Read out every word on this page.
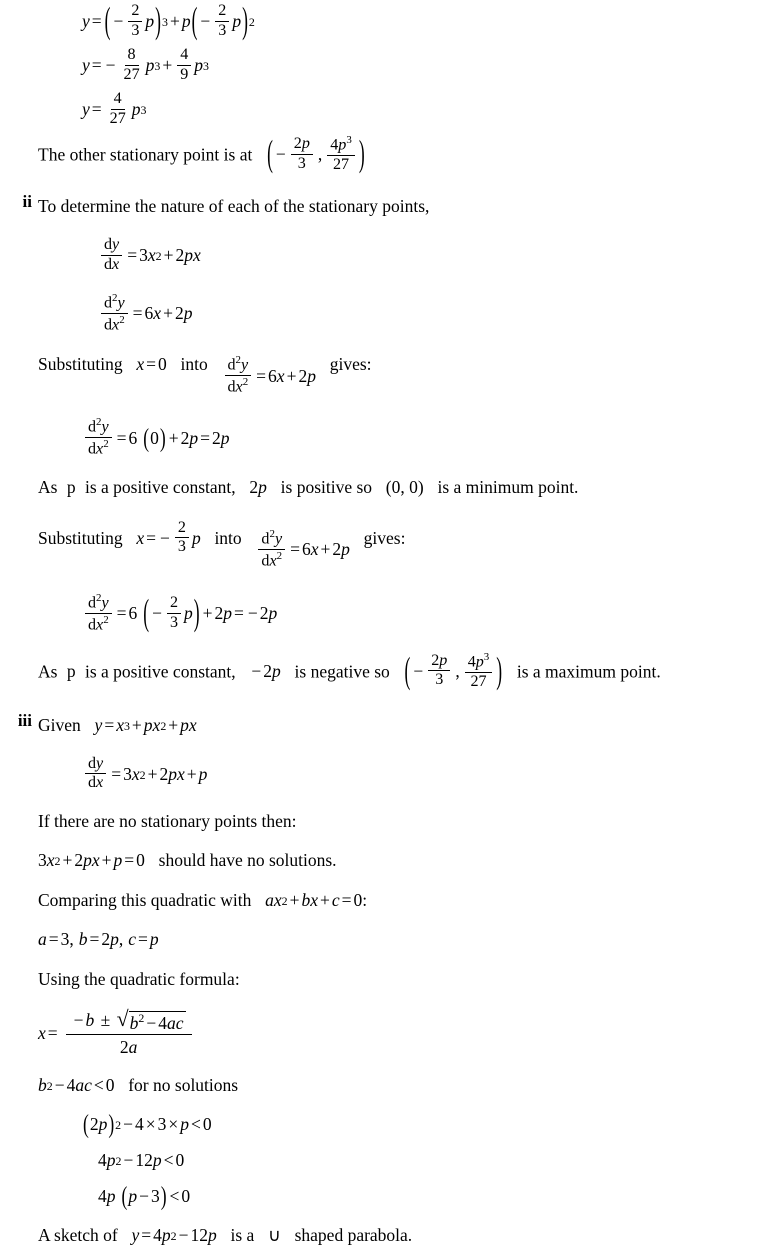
y = ( − $\frac{2}{3}$ p ) 3 + p ( − $\frac{2}{3}$ p ) 2
y = − $\frac{8}{27}$ p $3 + \frac{4}{9}$ p 3
$y = \frac{4}{27}$ p 3
The other stationary point is at ( − $\frac{2p}{3}$ , $\frac{4p^3}{27}$ )
ii To determine the nature of each of the stationary points,
$\frac{dy}{dx} = 3$ x 2 + 2 p x
$\frac{d^2y}{dx^2} = 6$ x + 2 p
Substituting x = 0 into $\frac{d^2y}{dx^2} = 6$ x + 2 p
gives:
$\frac{d^2y}{dx^2} = 6$ ( 0 ) + 2 p = 2 p
As p is a positive constant, 2 p is positive so ( 0 ,
0 ) is a minimum point.
Substituting x = − $\frac{2}{3}$ p into $\frac{d^2y}{dx^2} = 6$ x + 2 p
gives:
$\frac{d^2y}{dx^2} = 6$ ( − $\frac{2}{3}$ p ) + 2 p = − 2 p
As p is a positive constant, − 2 p is negative so ( − $\frac{2p}{3}$ , $\frac{4p^3}{27}$ ) is a maximum point.
iii Given y = x 3 + p x 2 + p x
$\frac{dy}{dx} = 3$ x 2 + 2 p x + p
If there are no stationary points then:
3 x 2 + 2 p x + p = 0 should have no solutions.
Comparing this quadratic with a x 2 + b x + c = 0 :
a = 3 , b = 2 p , c = p
Using the quadratic formula:
$x = \frac{- b \pm √ b^2 - 4ac}{2a}$
b 2 − 4 a c < 0 for no solutions
( 2 p ) 2 − 4 × 3 × p < 0
4 p 2 − 12 p < 0
4 p ( p − 3 ) < 0
A sketch of y = 4 p 2 − 12 p is a ∪ shaped parabola.
